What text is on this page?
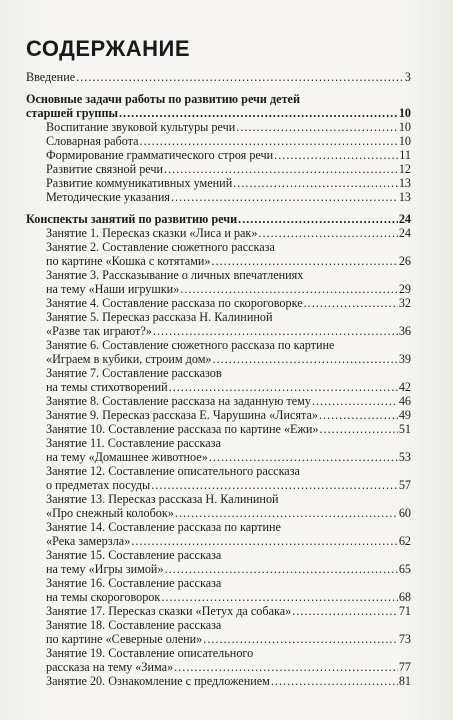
СОДЕРЖАНИЕ
Введение .....	3
Основные задачи работы по развитию речи детей
старшей группы .....	10
Воспитание звуковой культуры речи .....	10
Словарная работа .....	10
Формирование грамматического строя речи .....	11
Развитие связной речи .....	12
Развитие коммуникативных умений .....	13
Методические указания .....	13
Конспекты занятий по развитию речи .....	24
Занятие 1. Пересказ сказки «Лиса и рак» .....	24
Занятие 2. Составление сюжетного рассказа
по картине «Кошка с котятами» .....	26
Занятие 3. Рассказывание о личных впечатлениях
на тему «Наши игрушки» .....	29
Занятие 4. Составление рассказа по скороговорке .....	32
Занятие 5. Пересказ рассказа Н. Калининой
«Разве так играют?» .....	36
Занятие 6. Составление сюжетного рассказа по картине
«Играем в кубики, строим дом» .....	39
Занятие 7. Составление рассказов
на темы стихотворений .....	42
Занятие 8. Составление рассказа на заданную тему .....	46
Занятие 9. Пересказ рассказа Е. Чарушина «Лисята» .....	49
Занятие 10. Составление рассказа по картине «Ежи» .....	51
Занятие 11. Составление рассказа
на тему «Домашнее животное» .....	53
Занятие 12. Составление описательного рассказа
о предметах посуды .....	57
Занятие 13. Пересказ рассказа Н. Калининой
«Про снежный колобок» .....	60
Занятие 14. Составление рассказа по картине
«Река замерзла» .....	62
Занятие 15. Составление рассказа
на тему «Игры зимой» .....	65
Занятие 16. Составление рассказа
на темы скороговорок .....	68
Занятие 17. Пересказ сказки «Петух да собака» .....	71
Занятие 18. Составление рассказа
по картине «Северные олени» .....	73
Занятие 19. Составление описательного
рассказа на тему «Зима» .....	77
Занятие 20. Ознакомление с предложением .....	81
